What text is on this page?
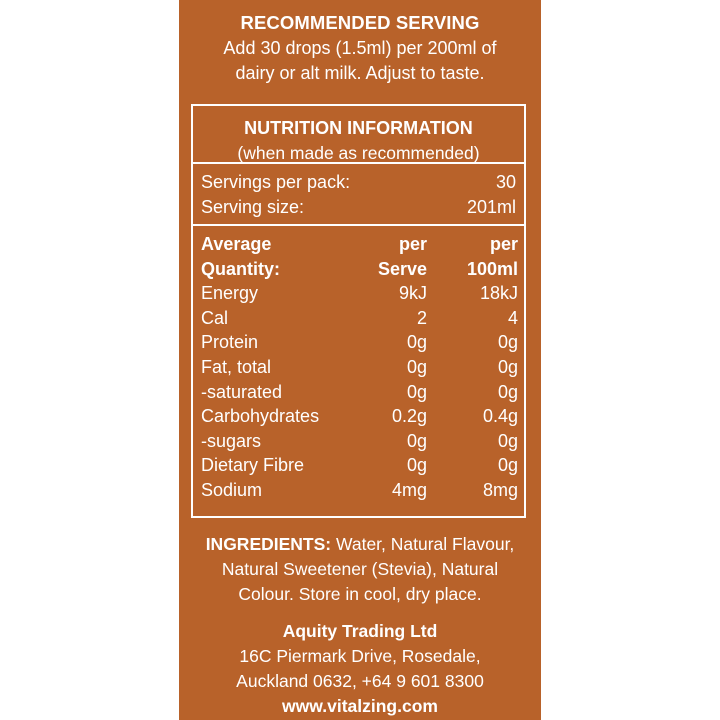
RECOMMENDED SERVING

Add 30 drops (1.5ml) per 200ml of

dairy or alt milk. Adjust to taste.

NUTRITION INFORMATION
(when made as recommended)
Servings per pack:	30
Serving size:	201ml
Average	per	per
Quantity:	Serve	100ml
Energy	9kJ	18kJ
Cal	2	4
Protein	0g	0g
Fat, total	0g	0g
-saturated	0g	0g
Carbohydrates	0.2g	0.4g
-sugars	0g	0g
Dietary Fibre	0g	0g
Sodium	4mg	8mg
INGREDIENTS: Water, Natural Flavour,
Natural Sweetener (Stevia), Natural
Colour. Store in cool, dry place.
Aquity Trading Ltd
16C Piermark Drive, Rosedale,
Auckland 0632, +64 9 601 8300
www.vitalzing.com
